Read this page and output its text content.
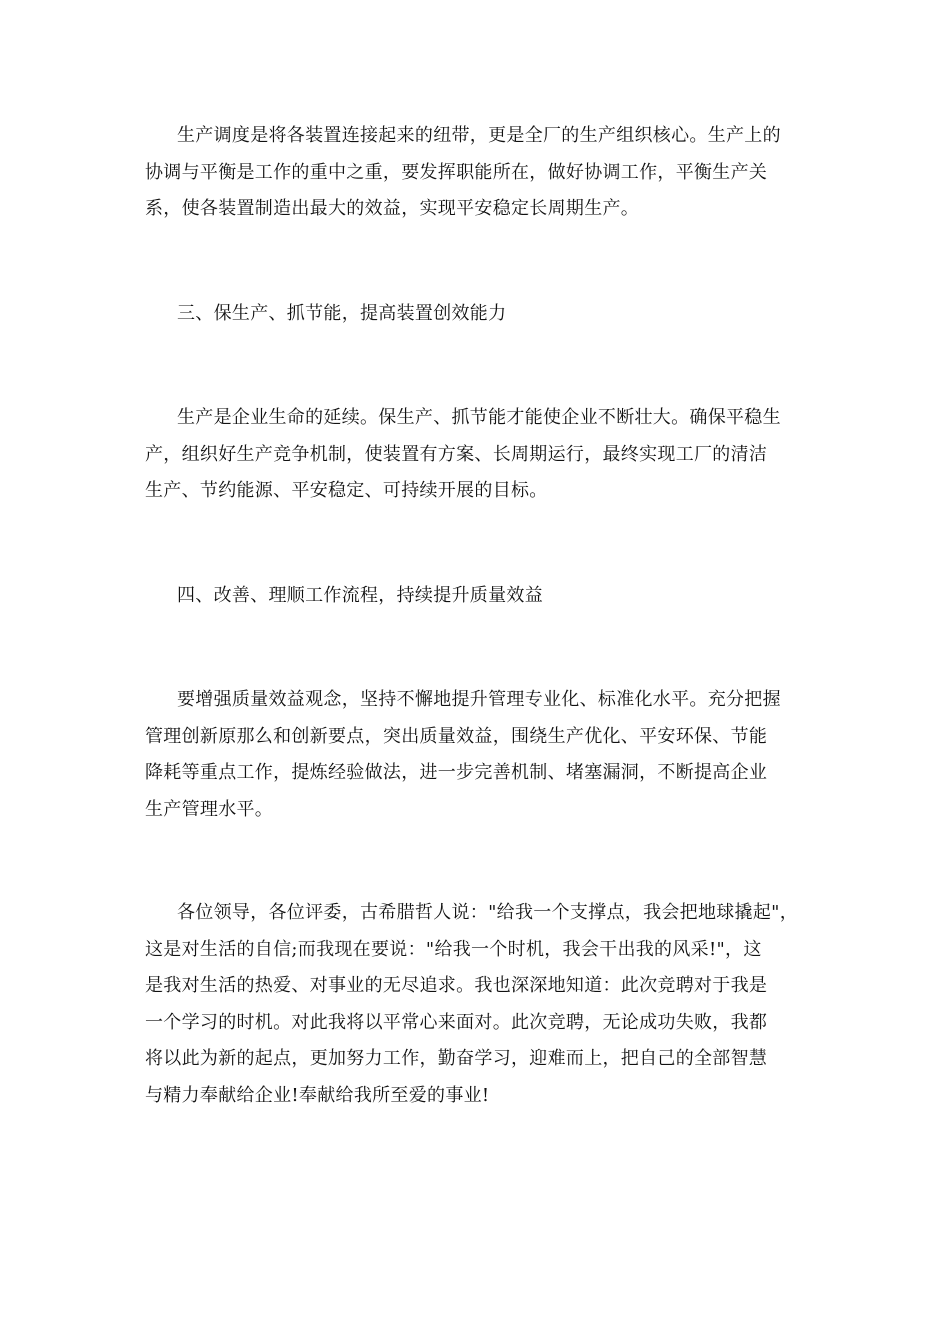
生产调度是将各装置连接起来的纽带，更是全厂的生产组织核心。生产上的
协调与平衡是工作的重中之重，要发挥职能所在，做好协调工作，平衡生产关
系，使各装置制造出最大的效益，实现平安稳定长周期生产。
三、保生产、抓节能，提高装置创效能力
生产是企业生命的延续。保生产、抓节能才能使企业不断壮大。确保平稳生
产，组织好生产竞争机制，使装置有方案、长周期运行，最终实现工厂的清洁
生产、节约能源、平安稳定、可持续开展的目标。
四、改善、理顺工作流程，持续提升质量效益
要增强质量效益观念，坚持不懈地提升管理专业化、标准化水平。充分把握
管理创新原那么和创新要点，突出质量效益，围绕生产优化、平安环保、节能
降耗等重点工作，提炼经验做法，进一步完善机制、堵塞漏洞，不断提高企业
生产管理水平。
各位领导，各位评委，古希腊哲人说："给我一个支撑点，我会把地球撬起"，
这是对生活的自信;而我现在要说："给我一个时机，我会干出我的风采!"，这
是我对生活的热爱、对事业的无尽追求。我也深深地知道：此次竞聘对于我是
一个学习的时机。对此我将以平常心来面对。此次竞聘，无论成功失败，我都
将以此为新的起点，更加努力工作，勤奋学习，迎难而上，把自己的全部智慧
与精力奉献给企业!奉献给我所至爱的事业!
